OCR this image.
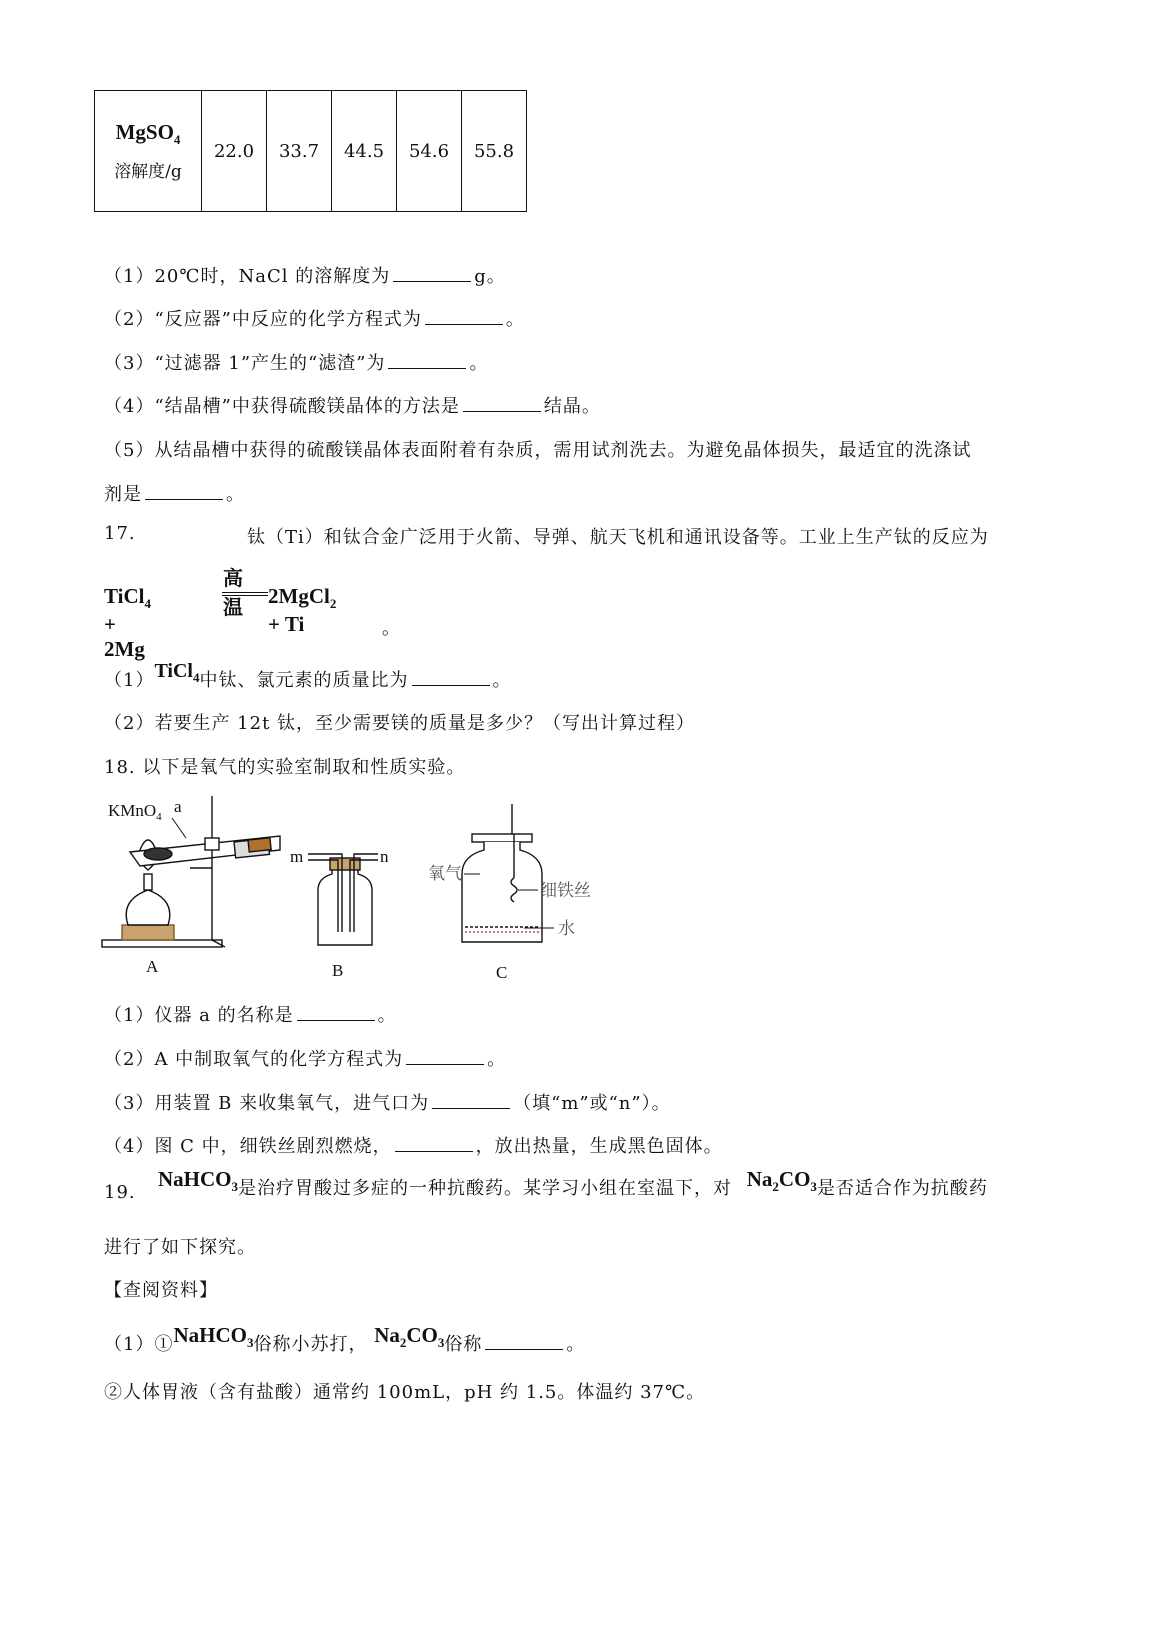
MgSO$_4$
溶解度/g
	22.0	33.7	44.5	54.6	55.8
（1）20℃时，NaCl 的溶解度为	g。
（2）“反应器”中反应的化学方程式为	。
（3）“过滤器 1”产生的“滤渣”为	。
（4）“结晶槽”中获得硫酸镁晶体的方法是	结晶。
（5）从结晶槽中获得的硫酸镁晶体表面附着有杂质，需用试剂洗去。为避免晶体损失，最适宜的洗涤试
剂是	。
17.	钛（Ti）和钛合金广泛用于火箭、导弹、航天飞机和通讯设备等。工业上生产钛的反应为
TiCl$_4$ + 2Mg
高温 2MgCl$_2$ + Ti	。
（1）TiCl$_4$中钛、氯元素的质量比为	。
（2）若要生产 12t 钛，至少需要镁的质量是多少？（写出计算过程）
18. 以下是氧气的实验室制取和性质实验。
KMnO$_4$
a
A
m	n
B
氧气
细铁丝
水
C
（1）仪器 a 的名称是	。
（2）A 中制取氧气的化学方程式为	。
（3）用装置 B 来收集氧气，进气口为	（填“m”或“n”）。
（4）图 C 中，细铁丝剧烈燃烧，	，放出热量，生成黑色固体。
19.
NaHCO$_3$是治疗胃酸过多症的一种抗酸药。某学习小组在室温下，对 $Na_2CO_3$是否适合作为抗酸药
进行了如下探究。
【查阅资料】
（1）①NaHCO$_3$俗称小苏打， $Na_2CO_3$俗称	。
②人体胃液（含有盐酸）通常约 100mL，pH 约 1.5。体温约 37℃。
